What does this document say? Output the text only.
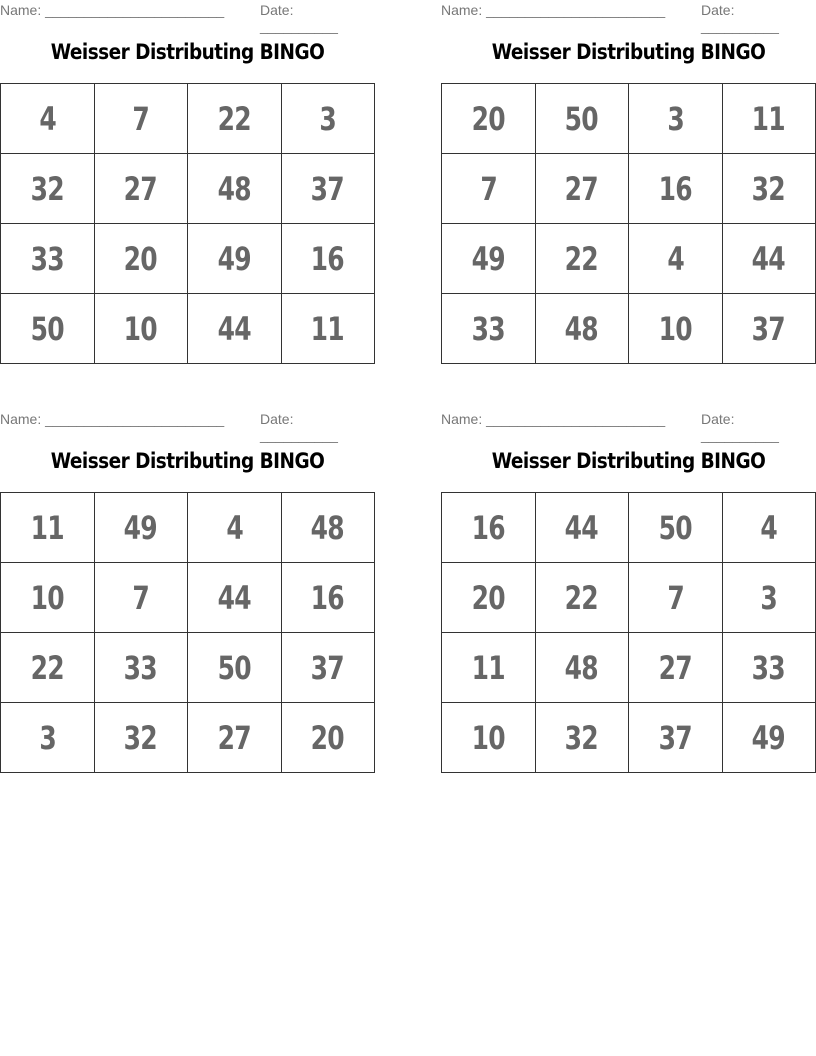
Name: _______________________	Date: __________
Weisser Distributing BINGO
4	7	22	3
32	27	48	37
33	20	49	16
50	10	44	11
Name: _______________________	Date: __________
Weisser Distributing BINGO
20	50	3	11
7	27	16	32
49	22	4	44
33	48	10	37
Name: _______________________	Date: __________
Weisser Distributing BINGO
11	49	4	48
10	7	44	16
22	33	50	37
3	32	27	20
Name: _______________________	Date: __________
Weisser Distributing BINGO
16	44	50	4
20	22	7	3
11	48	27	33
10	32	37	49
